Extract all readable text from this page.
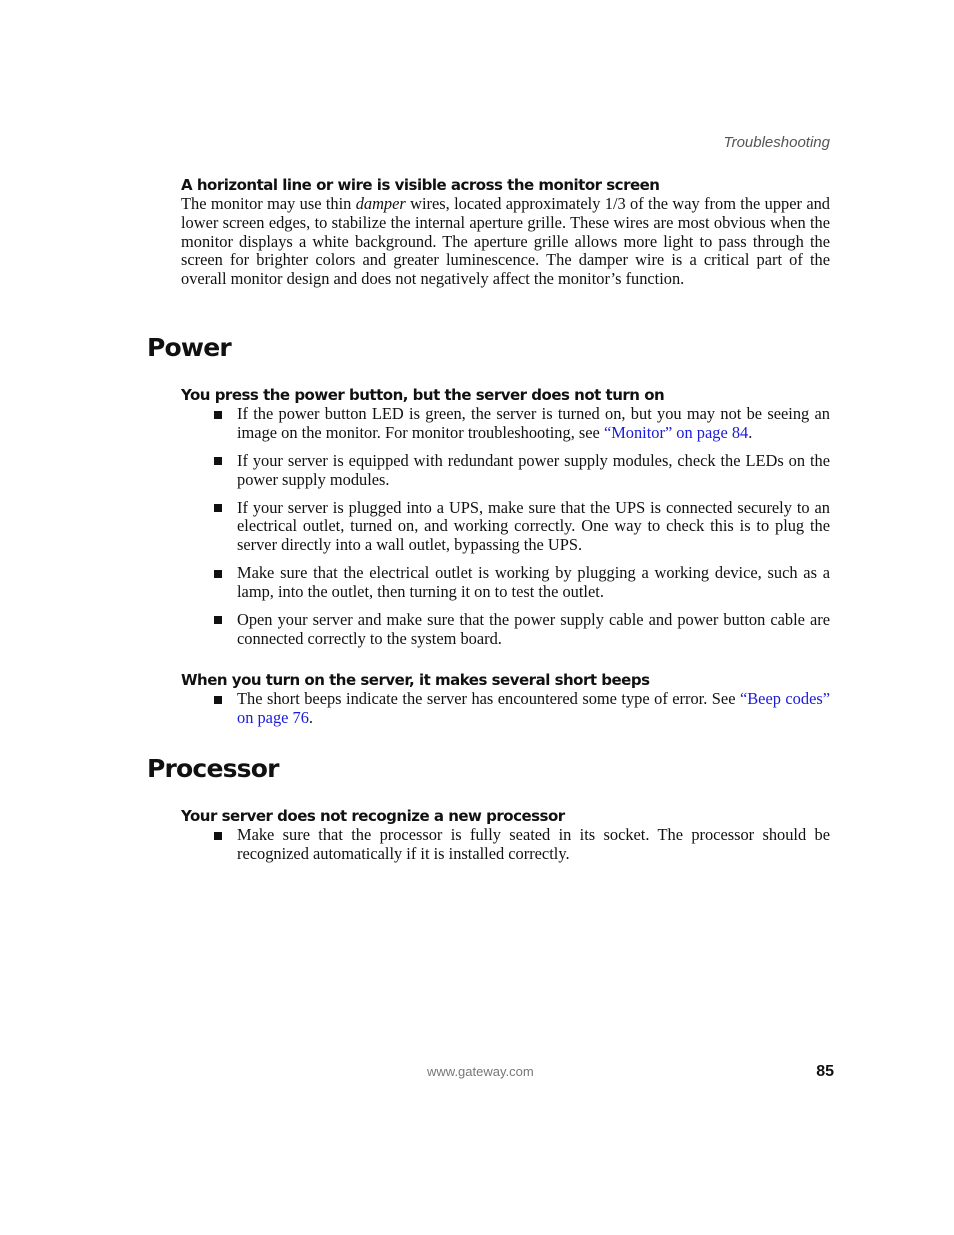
Troubleshooting
A horizontal line or wire is visible across the monitor screen

The monitor may use thin damper wires, located approximately 1/3 of the way from the upper and lower screen edges, to stabilize the internal aperture grille. These wires are most obvious when the monitor displays a white background. The aperture grille allows more light to pass through the screen for brighter colors and greater luminescence. The damper wire is a critical part of the overall monitor design and does not negatively affect the monitor’s function.

Power
You press the power button, but the server does not turn on
If the power button LED is green, the server is turned on, but you may not be seeing an image on the monitor. For monitor troubleshooting, see “Monitor” on page 84.
If your server is equipped with redundant power supply modules, check the LEDs on the power supply modules.
If your server is plugged into a UPS, make sure that the UPS is connected securely to an electrical outlet, turned on, and working correctly. One way to check this is to plug the server directly into a wall outlet, bypassing the UPS.
Make sure that the electrical outlet is working by plugging a working device, such as a lamp, into the outlet, then turning it on to test the outlet.
Open your server and make sure that the power supply cable and power button cable are connected correctly to the system board.
When you turn on the server, it makes several short beeps
The short beeps indicate the server has encountered some type of error. See “Beep codes” on page 76.
Processor
Your server does not recognize a new processor
Make sure that the processor is fully seated in its socket. The processor should be recognized automatically if it is installed correctly.
www.gateway.com	85
